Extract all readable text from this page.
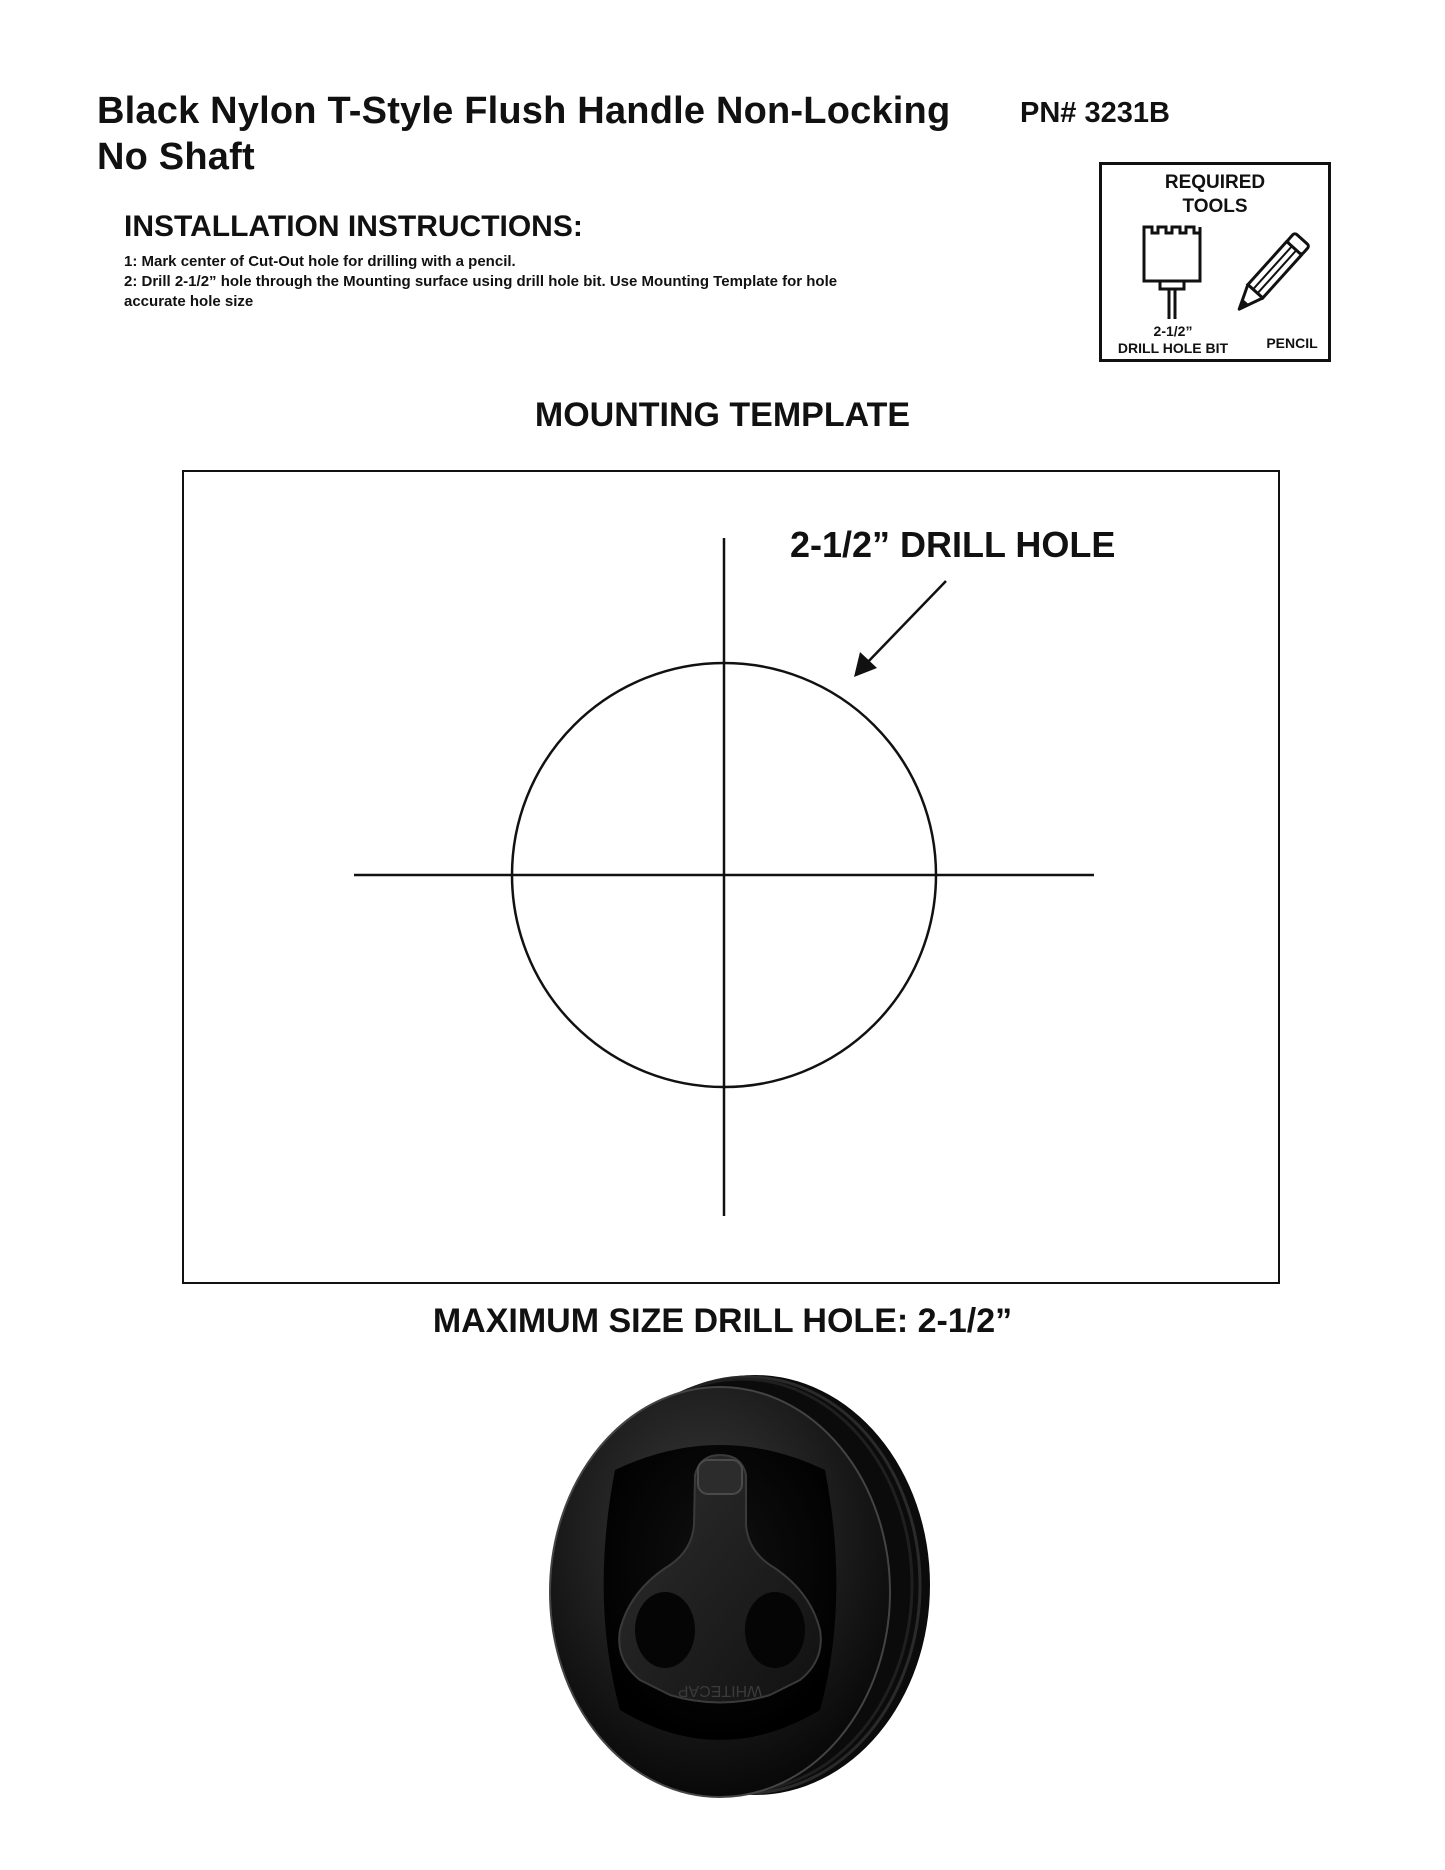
Black Nylon T-Style Flush Handle Non-Locking
No Shaft
PN# 3231B
INSTALLATION INSTRUCTIONS:
1: Mark center of Cut-Out hole for drilling with a pencil.
2: Drill 2-1/2” hole through the Mounting surface using drill hole bit. Use Mounting Template for hole
accurate hole size
REQUIRED
TOOLS
2-1/2”
DRILL HOLE BIT	PENCIL
MOUNTING TEMPLATE
2-1/2” DRILL HOLE
MAXIMUM SIZE DRILL HOLE: 2-1/2”
WHITECAP
